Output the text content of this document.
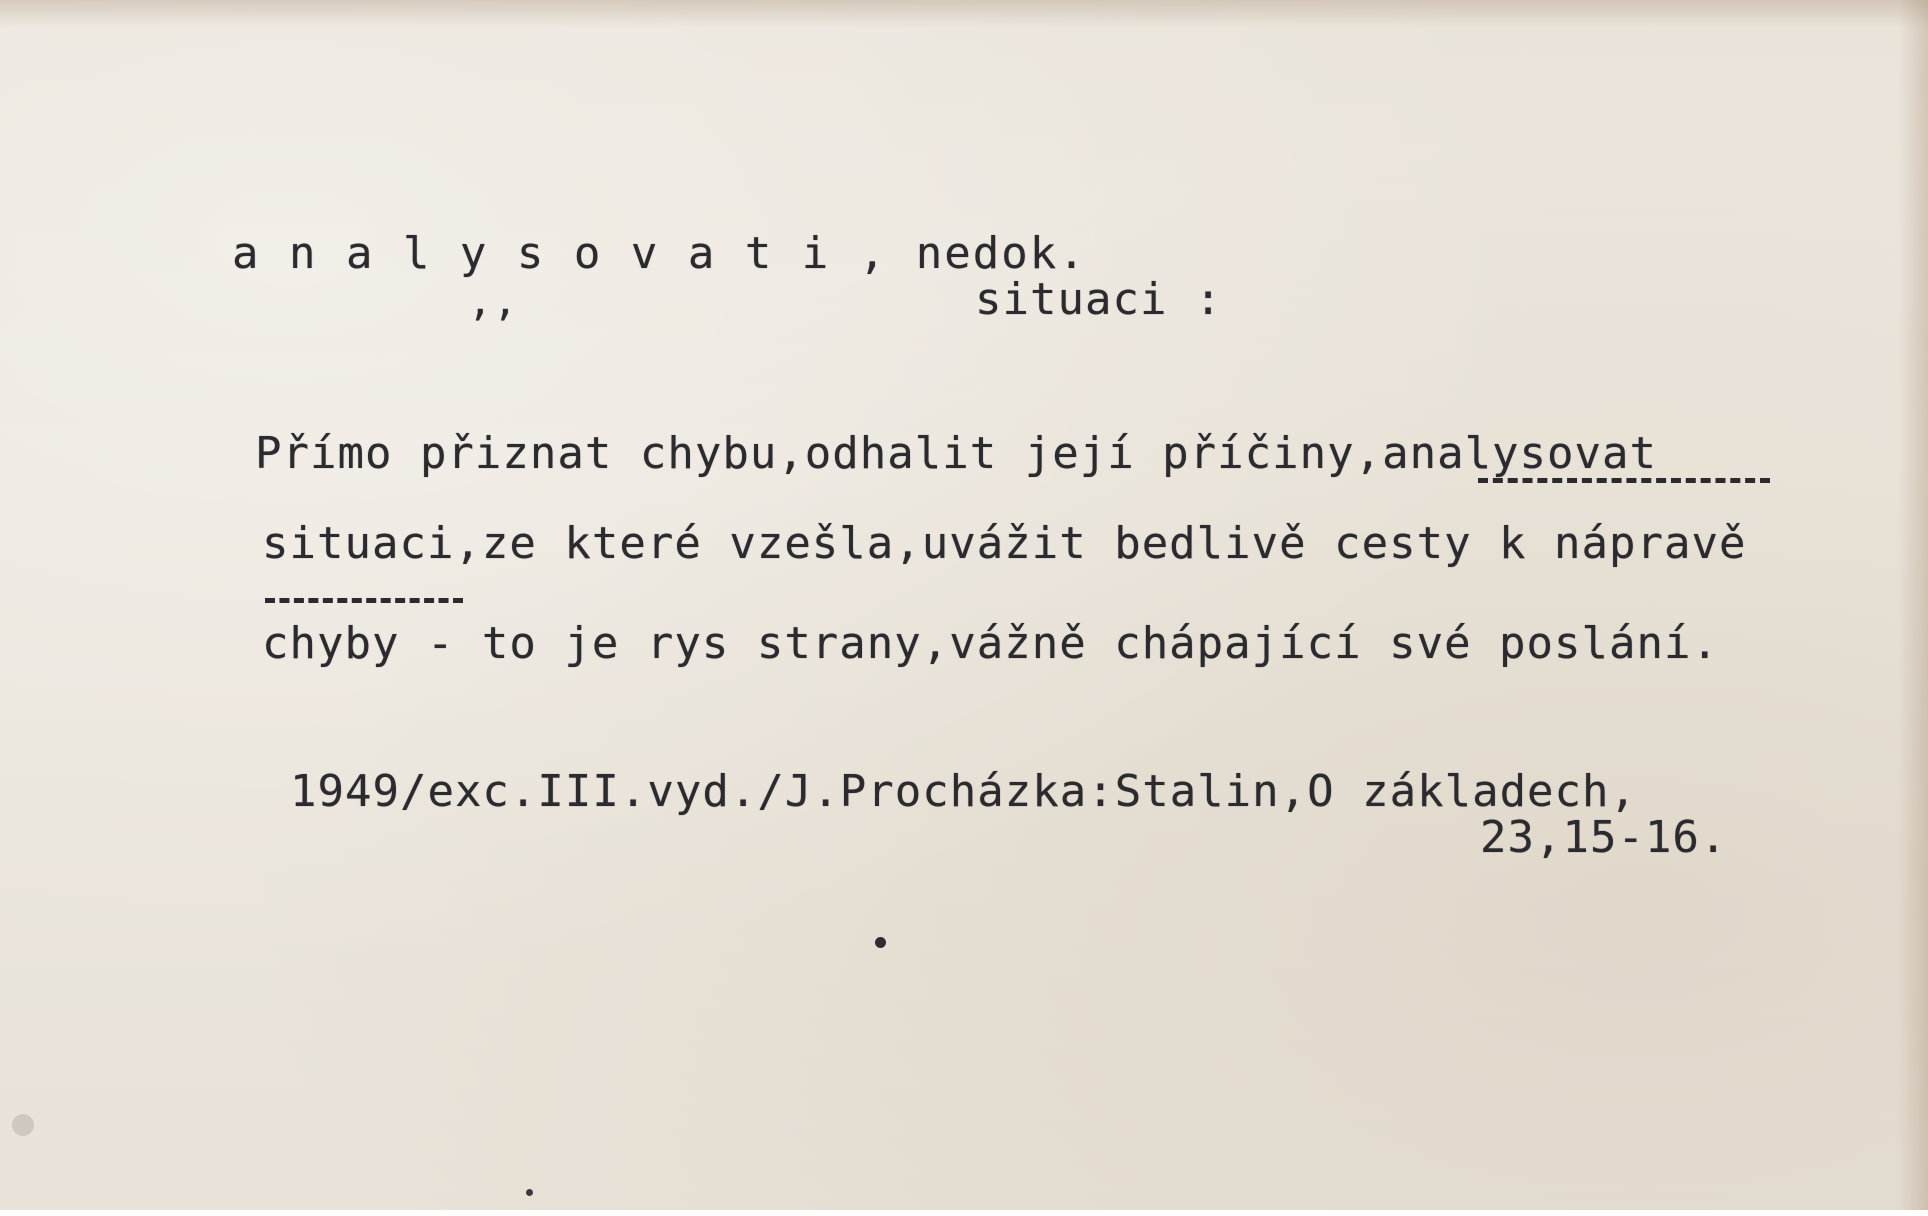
a n a l y s o v a t i , nedok.
,,	situaci :
Přímo přiznat chybu,odhalit její příčiny,analysovat
situaci,ze které vzešla,uvážit bedlivě cesty k nápravě
chyby - to je rys strany,vážně chápající své poslání.
1949/exc.III.vyd./J.Procházka:Stalin,O základech,
23,15-16.
